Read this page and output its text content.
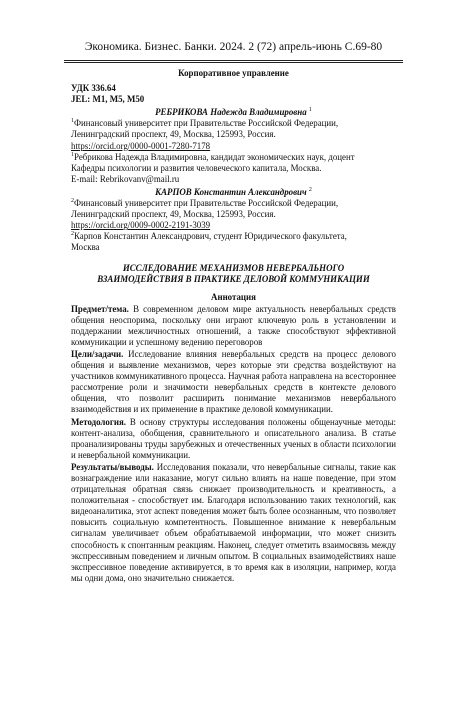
Экономика. Бизнес. Банки. 2024. 2 (72) апрель-июнь С.69-80
Корпоративное управление
УДК 336.64
JEL: M1, M5, M50
РЕБРИКОВА Надежда Владимировна $^1$

$^1$Финансовый университет при Правительстве Российской Федерации,

Ленинградский проспект, 49, Москва, 125993, Россия.

https://orcid.org/0000-0001-7280-7178

$^1$Ребрикова Надежда Владимировна, кандидат экономических наук, доцент

Кафедры психологии и развития человеческого капитала, Москва.

E-mail: Rebrikovanv@mail.ru

КАРПОВ Константин Александрович $^2$

$^2$Финансовый университет при Правительстве Российской Федерации,

Ленинградский проспект, 49, Москва, 125993, Россия.

https://orcid.org/0009-0002-2191-3039

$^2$Карпов Константин Александрович, студент Юридического факультета,

Москва

ИССЛЕДОВАНИЕ МЕХАНИЗМОВ НЕВЕРБАЛЬНОГО
ВЗАИМОДЕЙСТВИЯ В ПРАКТИКЕ ДЕЛОВОЙ КОММУНИКАЦИИ
Аннотация

Предмет/тема. В современном деловом мире актуальность невербальных средств общения неоспорима, поскольку они играют ключевую роль в установлении и поддержании межличностных отношений, а также способствуют эффективной коммуникации и успешному ведению переговоров

Цели/задачи. Исследование влияния невербальных средств на процесс делового общения и выявление механизмов, через которые эти средства воздействуют на участников коммуникативного процесса. Научная работа направлена на всестороннее рассмотрение роли и значимости невербальных средств в контексте делового общения, что позволит расширить понимание механизмов невербального взаимодействия и их применение в практике деловой коммуникации.

Методология. В основу структуры исследования положены общенаучные методы: контент-анализа, обобщения, сравнительного и описательного анализа. В статье проанализированы труды зарубежных и отечественных ученых в области психологии и невербальной коммуникации.

Результаты/выводы. Исследования показали, что невербальные сигналы, такие как вознаграждение или наказание, могут сильно влиять на наше поведение, при этом отрицательная обратная связь снижает производительность и креативность, а положительная - способствует им. Благодаря использованию таких технологий, как видеоаналитика, этот аспект поведения может быть более осознанным, что позволяет повысить социальную компетентность. Повышенное внимание к невербальным сигналам увеличивает объем обрабатываемой информации, что может снизить способность к спонтанным реакциям. Наконец, следует отметить взаимосвязь между экспрессивным поведением и личным опытом. В социальных взаимодействиях наше экспрессивное поведение активируется, в то время как в изоляции, например, когда мы одни дома, оно значительно снижается.
